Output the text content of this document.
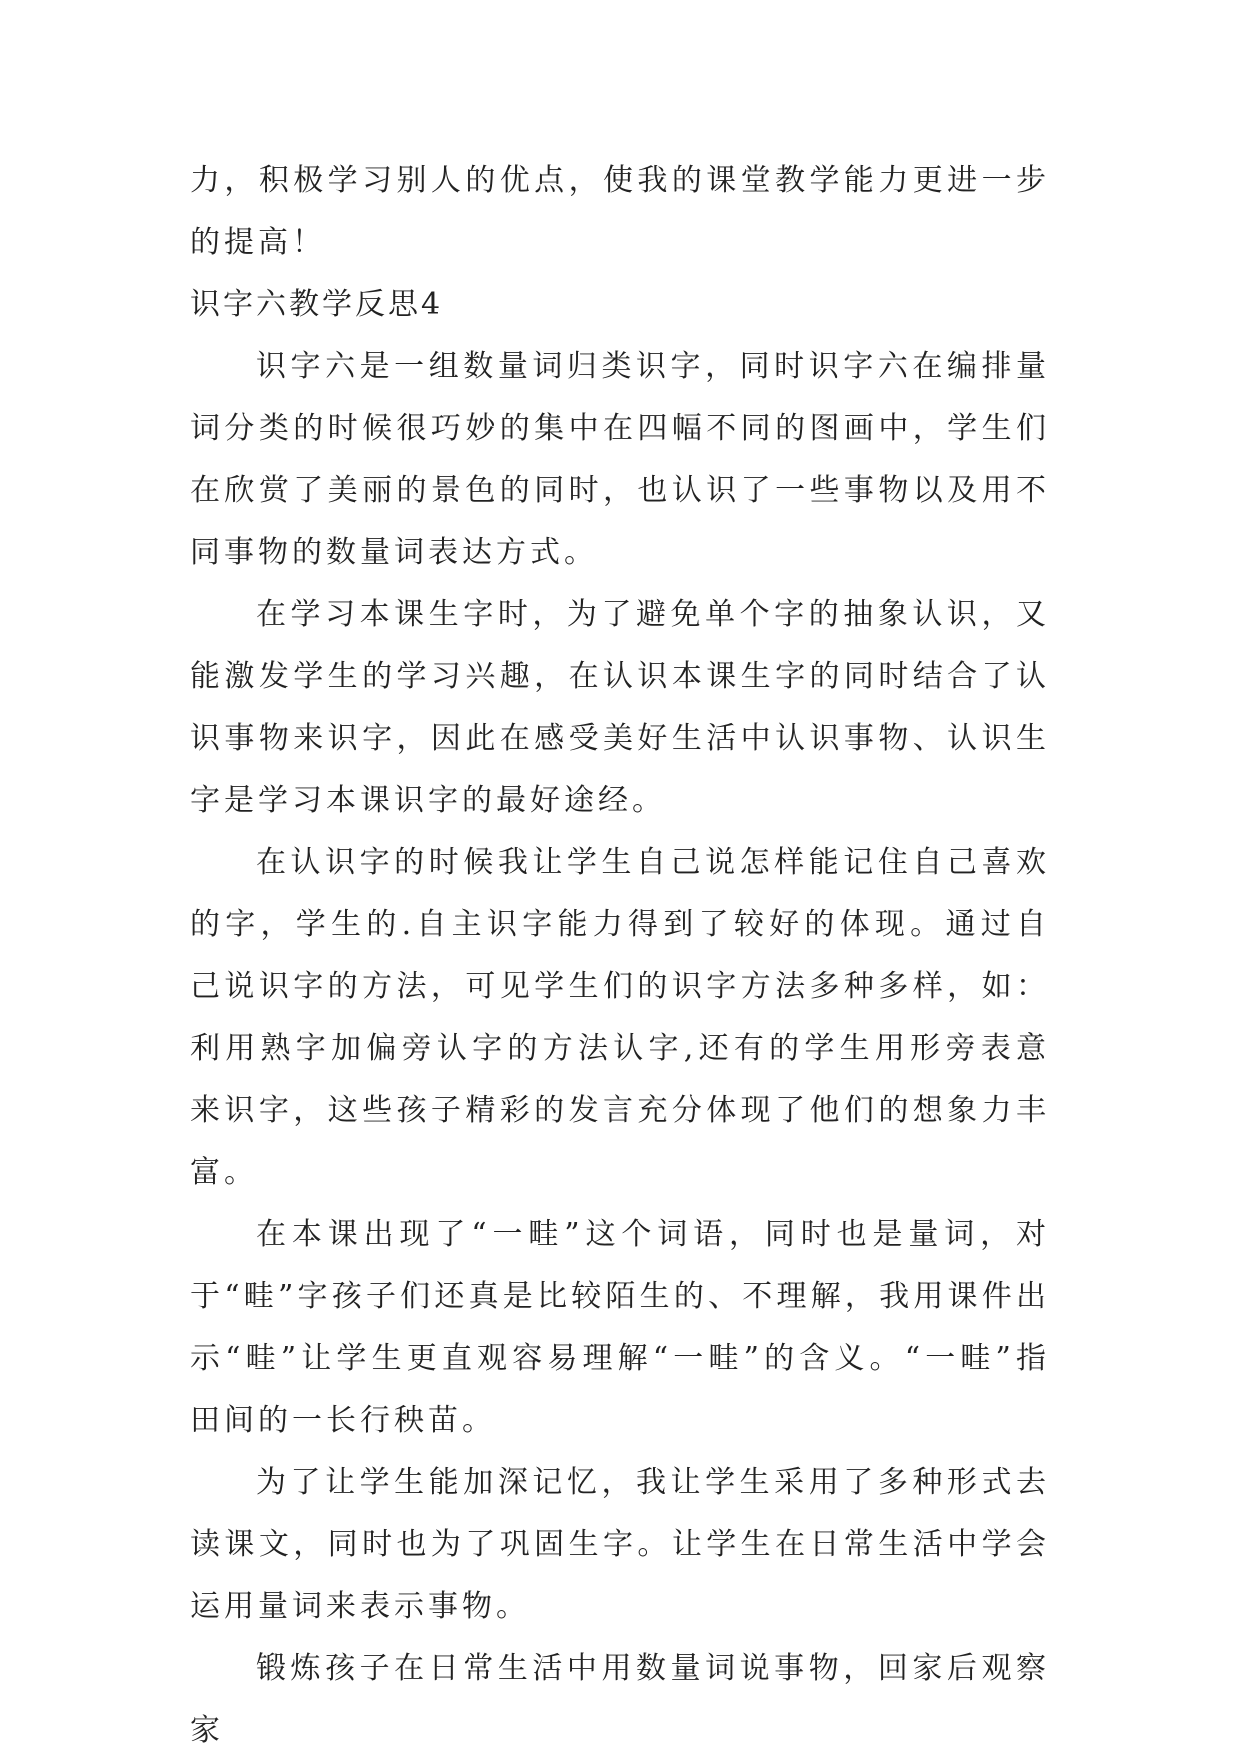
力，积极学习别人的优点，使我的课堂教学能力更进一步的提高！

识字六教学反思4

识字六是一组数量词归类识字，同时识字六在编排量词分类的时候很巧妙的集中在四幅不同的图画中，学生们在欣赏了美丽的景色的同时，也认识了一些事物以及用不同事物的数量词表达方式。

在学习本课生字时，为了避免单个字的抽象认识，又能激发学生的学习兴趣，在认识本课生字的同时结合了认识事物来识字，因此在感受美好生活中认识事物、认识生字是学习本课识字的最好途经。

在认识字的时候我让学生自己说怎样能记住自己喜欢的字，学生的.自主识字能力得到了较好的体现。通过自己说识字的方法，可见学生们的识字方法多种多样，如：利用熟字加偏旁认字的方法认字,还有的学生用形旁表意来识字，这些孩子精彩的发言充分体现了他们的想象力丰富。

在本课出现了“一畦”这个词语，同时也是量词，对于“畦”字孩子们还真是比较陌生的、不理解，我用课件出示“畦”让学生更直观容易理解“一畦”的含义。“一畦”指田间的一长行秧苗。

为了让学生能加深记忆，我让学生采用了多种形式去读课文，同时也为了巩固生字。让学生在日常生活中学会运用量词来表示事物。

锻炼孩子在日常生活中用数量词说事物，回家后观察家
